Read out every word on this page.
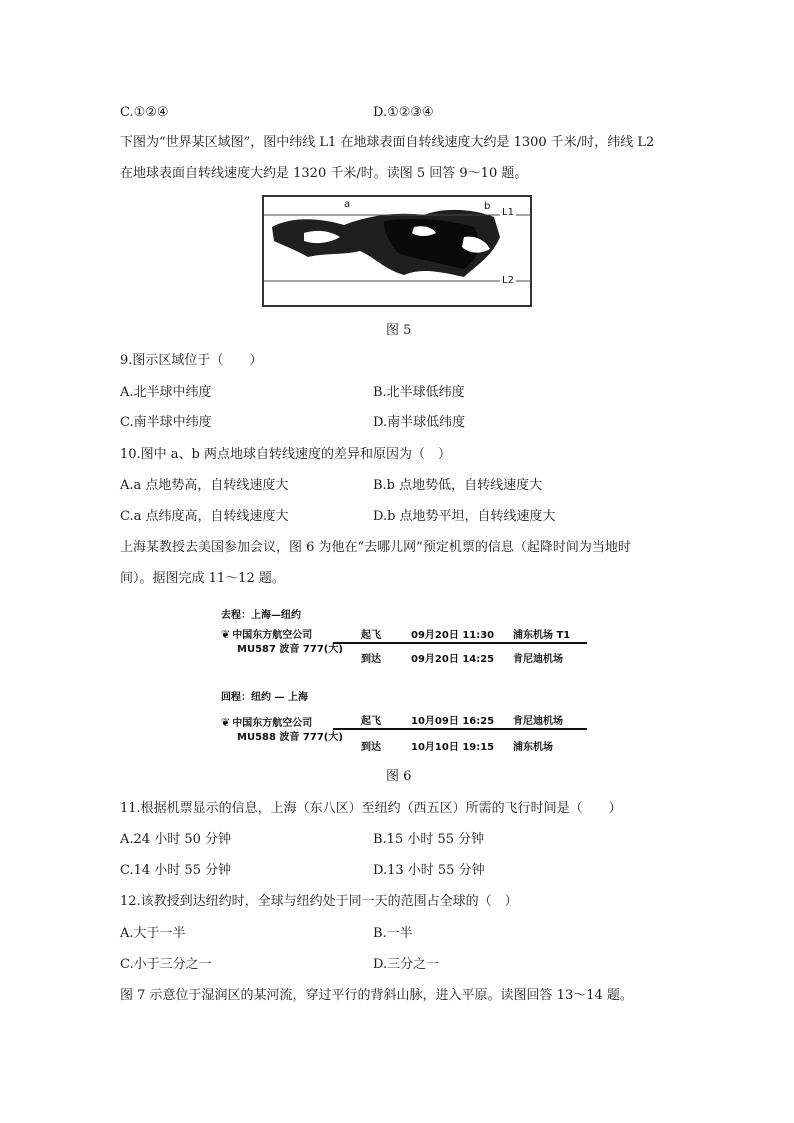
C.①②④	D.①②③④
下图为“世界某区域图”，图中纬线 L1 在地球表面自转线速度大约是 1300 千米/时，纬线 L2
在地球表面自转线速度大约是 1320 千米/时。读图 5 回答 9～10 题。
a	b
L1
L2
图 5
9.图示区域位于（　　）
A.北半球中纬度	B.北半球低纬度
C.南半球中纬度	D.南半球低纬度
10.图中 a、b 两点地球自转线速度的差异和原因为（　）
A.a 点地势高，自转线速度大	B.b 点地势低，自转线速度大
C.a 点纬度高，自转线速度大	D.b 点地势平坦，自转线速度大
上海某教授去美国参加会议，图 6 为他在“去哪儿网”预定机票的信息（起降时间为当地时
间）。据图完成 11～12 题。
去程：上海—纽约
❦ 中国东方航空公司
MU587 波音 777(大)
起飞	09月20日 11:30 浦东机场 T1
到达	09月20日 14:25 肯尼迪机场
回程：纽约 — 上海
❦ 中国东方航空公司
MU588 波音 777(大)
起飞	10月09日 16:25 肯尼迪机场
到达	10月10日 19:15 浦东机场
图 6
11.根据机票显示的信息，上海（东八区）至纽约（西五区）所需的飞行时间是（　　）
A.24 小时 50 分钟	B.15 小时 55 分钟
C.14 小时 55 分钟	D.13 小时 55 分钟
12.该教授到达纽约时，全球与纽约处于同一天的范围占全球的（　）
A.大于一半	B.一半
C.小于三分之一	D.三分之一
图 7 示意位于湿润区的某河流，穿过平行的背斜山脉，进入平原。读图回答 13～14 题。
